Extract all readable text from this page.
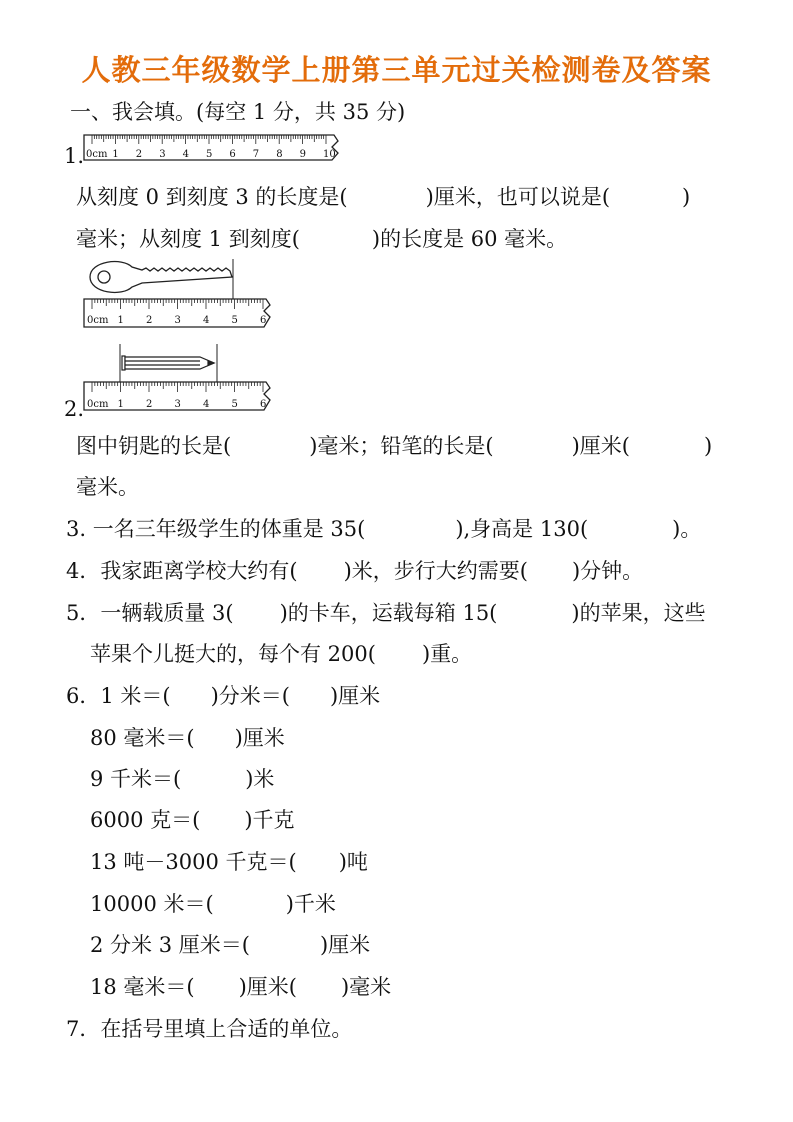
人教三年级数学上册第三单元过关检测卷及答案
一、我会填。(每空 1 分，共 35 分)
1. 0cm 1 2 3 4 5 6 7 8 9 10
从刻度 0 到刻度 3 的长度是(	)厘米，也可以说是(	)
毫米；从刻度 1 到刻度(	)的长度是 60 毫米。
0cm 1 2 3 4 5 6
2. 0cm 1 2 3 4 5 6
图中钥匙的长是(	)毫米；铅笔的长是(	)厘米(	)
毫米。
3. 一名三年级学生的体重是 35(	),身高是 130(	)。
4．我家距离学校大约有( )米，步行大约需要( )分钟。
5．一辆载质量 3( )的卡车，运载每箱 15(	)的苹果，这些
苹果个儿挺大的，每个有 200( )重。
6．1 米＝( )分米＝( )厘米
80 毫米＝( )厘米
9 千米＝(	)米
6000 克＝( )千克
13 吨－3000 千克＝( )吨
10000 米＝(	)千米
2 分米 3 厘米＝(	)厘米
18 毫米＝( )厘米( )毫米
7．在括号里填上合适的单位。
